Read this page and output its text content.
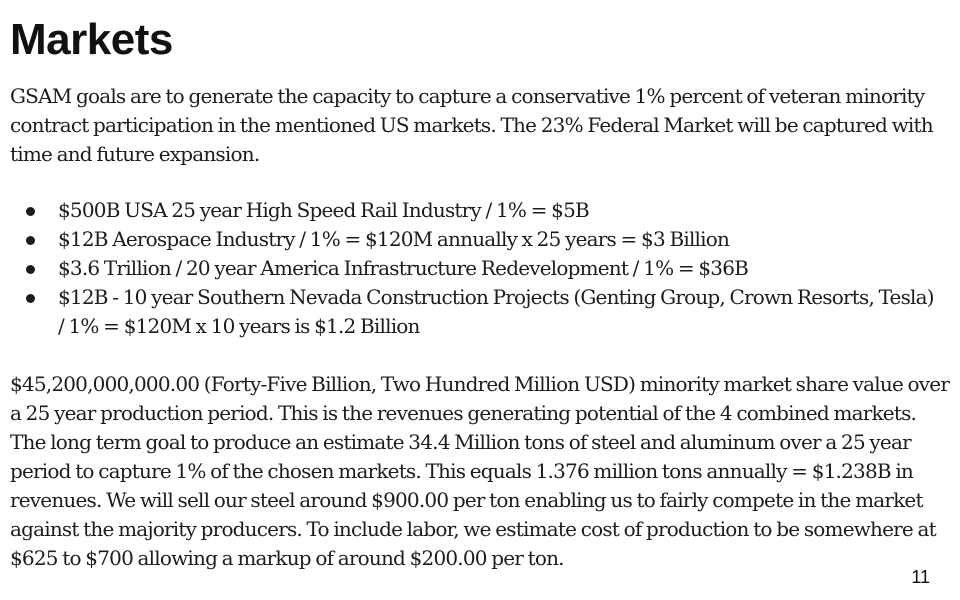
Markets

GSAM goals are to generate the capacity to capture a conservative 1% percent of veteran minority contract participation in the mentioned US markets. The 23% Federal Market will be captured with time and future expansion.

$500B USA 25 year High Speed Rail Industry / 1% = $5B
$12B Aerospace Industry / 1% = $120M annually x 25 years = $3 Billion
$3.6 Trillion / 20 year America Infrastructure Redevelopment / 1% = $36B
$12B - 10 year Southern Nevada Construction Projects (Genting Group, Crown Resorts, Tesla) / 1% = $120M x 10 years is $1.2 Billion

$45,200,000,000.00 (Forty-Five Billion, Two Hundred Million USD) minority market share value over a 25 year production period. This is the revenues generating potential of the 4 combined markets. The long term goal to produce an estimate 34.4 Million tons of steel and aluminum over a 25 year period to capture 1% of the chosen markets. This equals 1.376 million tons annually = $1.238B in revenues. We will sell our steel around $900.00 per ton enabling us to fairly compete in the market against the majority producers. To include labor, we estimate cost of production to be somewhere at $625 to $700 allowing a markup of around $200.00 per ton.

11
